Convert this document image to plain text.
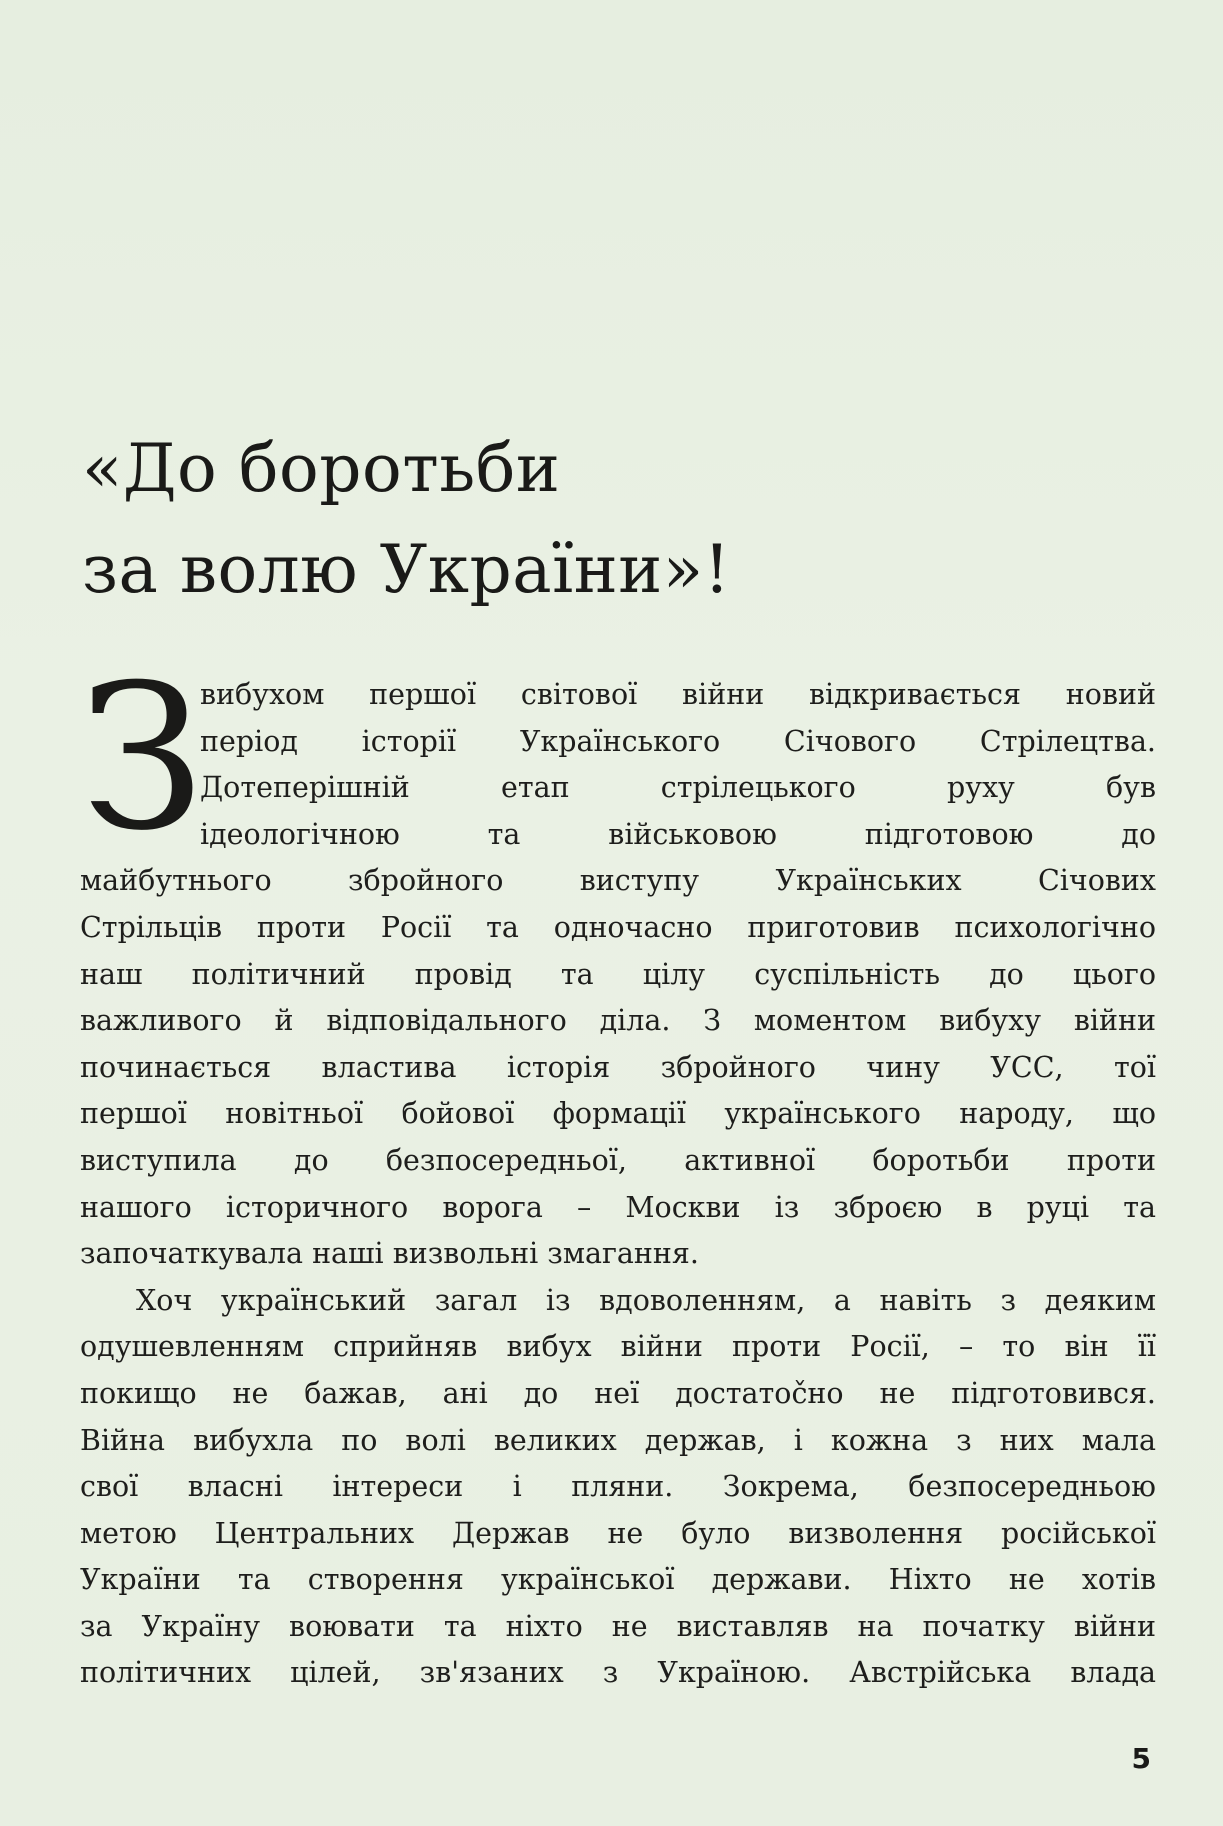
«До боротьби
за волю України»!
З
вибухом першої світової війни відкривається новий
період історії Українського Січового Стрілецтва.
Дотеперішній етап стрілецького руху був
ідеологічною та військовою підготовою до
майбутнього збройного виступу Українських Січових
Стрільців проти Росії та одночасно приготовив психологічно
наш політичний провід та цілу суспільність до цього
важливого й відповідального діла. З моментом вибуху війни
починається властива історія збройного чину УСС, тої
першої новітньої бойової формації українського народу, що
виступила до безпосередньої, активної боротьби проти
нашого історичного ворога – Москви із зброєю в руці та
започаткувала наші визвольні змагання.
Хоч український загал із вдоволенням, а навіть з деяким
одушевленням сприйняв вибух війни проти Росії, – то він її
покищо не бажав, ані до неї достатočно не підготовився.
Війна вибухла по волі великих держав, і кожна з них мала
свої власні інтереси і пляни. Зокрема, безпосередньою
метою Центральних Держав не було визволення російської
України та створення української держави. Ніхто не хотів
за Україну воювати та ніхто не виставляв на початку війни
політичних цілей, зв'язаних з Україною. Австрійська влада
5
